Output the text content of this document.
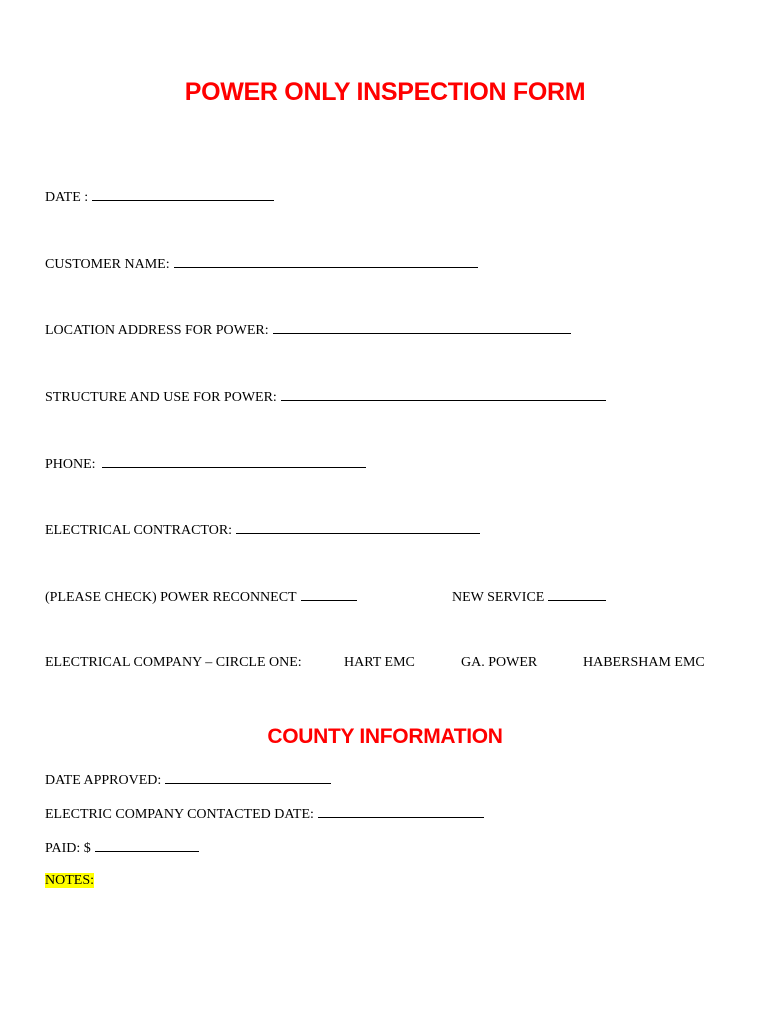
POWER ONLY INSPECTION FORM
DATE :
CUSTOMER NAME:
LOCATION ADDRESS FOR POWER:
STRUCTURE AND USE FOR POWER:
PHONE:
ELECTRICAL CONTRACTOR:
(PLEASE CHECK) POWER RECONNECT	NEW SERVICE
ELECTRICAL COMPANY – CIRCLE ONE:	HART EMC	GA. POWER	HABERSHAM EMC
COUNTY INFORMATION
DATE APPROVED:
ELECTRIC COMPANY CONTACTED DATE:
PAID: $
NOTES:
